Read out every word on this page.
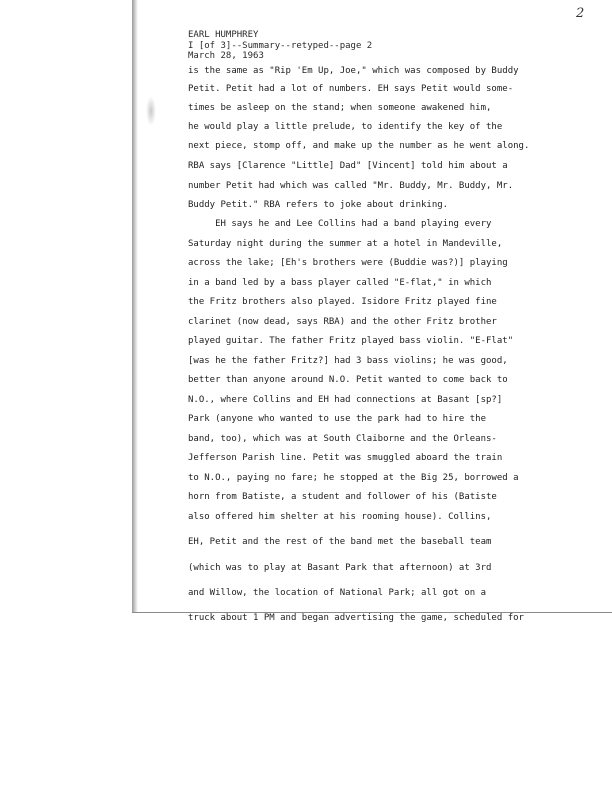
2
EARL HUMPHREY
I [of 3]--Summary--retyped--page 2
March 28, 1963
is the same as "Rip 'Em Up, Joe," which was composed by Buddy
Petit. Petit had a lot of numbers. EH says Petit would some-
times be asleep on the stand; when someone awakened him,
he would play a little prelude, to identify the key of the
next piece, stomp off, and make up the number as he went along.
RBA says [Clarence "Little] Dad" [Vincent] told him about a
number Petit had which was called "Mr. Buddy, Mr. Buddy, Mr.
Buddy Petit." RBA refers to joke about drinking.
EH says he and Lee Collins had a band playing every
Saturday night during the summer at a hotel in Mandeville,
across the lake; [Eh's brothers were (Buddie was?)] playing
in a band led by a bass player called "E-flat," in which
the Fritz brothers also played. Isidore Fritz played fine
clarinet (now dead, says RBA) and the other Fritz brother
played guitar. The father Fritz played bass violin. "E-Flat"
[was he the father Fritz?] had 3 bass violins; he was good,
better than anyone around N.O. Petit wanted to come back to
N.O., where Collins and EH had connections at Basant [sp?]
Park (anyone who wanted to use the park had to hire the
band, too), which was at South Claiborne and the Orleans-
Jefferson Parish line. Petit was smuggled aboard the train
to N.O., paying no fare; he stopped at the Big 25, borrowed a
horn from Batiste, a student and follower of his (Batiste
also offered him shelter at his rooming house). Collins,
EH, Petit and the rest of the band met the baseball team
(which was to play at Basant Park that afternoon) at 3rd
and Willow, the location of National Park; all got on a
truck about 1 PM and began advertising the game, scheduled for
